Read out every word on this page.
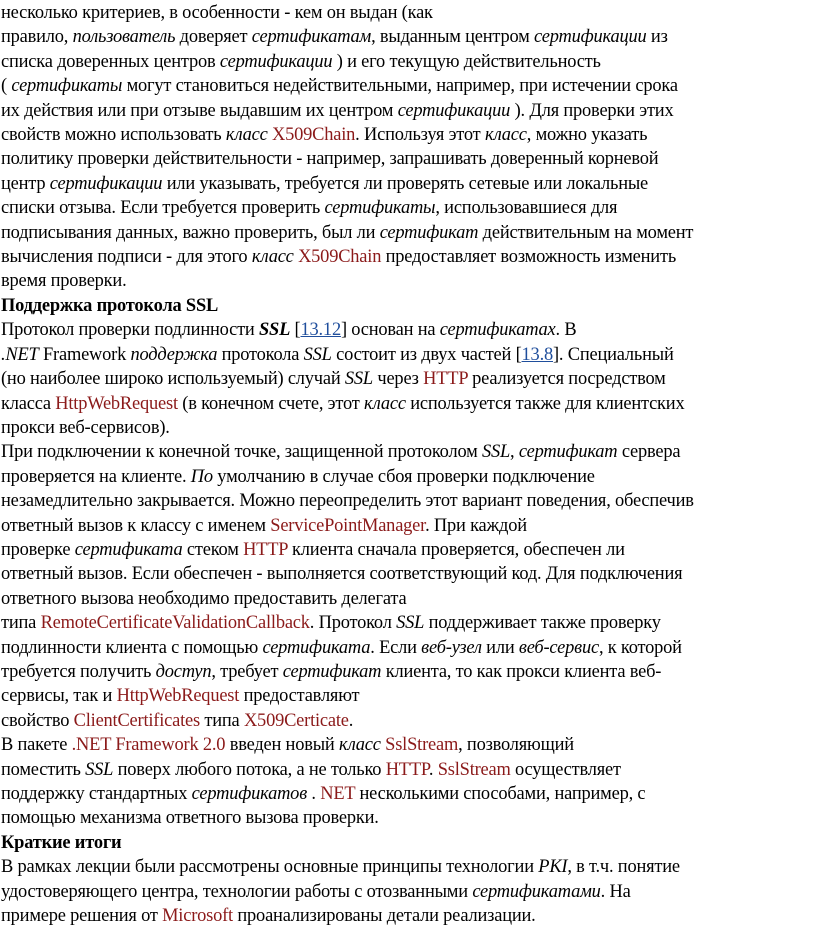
несколько критериев, в особенности - кем он выдан (как
правило, пользователь доверяет сертификатам, выданным центром сертификации из
списка доверенных центров сертификации ) и его текущую действительность
( сертификаты могут становиться недействительными, например, при истечении срока
их действия или при отзыве выдавшим их центром сертификации ). Для проверки этих
свойств можно использовать класс X509Chain. Используя этот класс, можно указать
политику проверки действительности - например, запрашивать доверенный корневой
центр сертификации или указывать, требуется ли проверять сетевые или локальные
списки отзыва. Если требуется проверить сертификаты, использовавшиеся для
подписывания данных, важно проверить, был ли сертификат действительным на момент
вычисления подписи - для этого класс X509Chain предоставляет возможность изменить
время проверки.

Поддержка протокола SSL

Протокол проверки подлинности SSL [13.12] основан на сертификатах. В
.NET Framework поддержка протокола SSL состоит из двух частей [13.8]. Специальный
(но наиболее широко используемый) случай SSL через HTTP реализуется посредством
класса HttpWebRequest (в конечном счете, этот класс используется также для клиентских
прокси веб-сервисов).

При подключении к конечной точке, защищенной протоколом SSL, сертификат сервера
проверяется на клиенте. По умолчанию в случае сбоя проверки подключение
незамедлительно закрывается. Можно переопределить этот вариант поведения, обеспечив
ответный вызов к классу с именем ServicePointManager. При каждой
проверке сертификата стеком HTTP клиента сначала проверяется, обеспечен ли
ответный вызов. Если обеспечен - выполняется соответствующий код. Для подключения
ответного вызова необходимо предоставить делегата
типа RemoteCertificateValidationCallback. Протокол SSL поддерживает также проверку
подлинности клиента с помощью сертификата. Если веб-узел или веб-сервис, к которой
требуется получить доступ, требует сертификат клиента, то как прокси клиента веб-
сервисы, так и HttpWebRequest предоставляют
свойство ClientCertificates типа X509Certicate.

В пакете .NET Framework 2.0 введен новый класс SslStream, позволяющий
поместить SSL поверх любого потока, а не только HTTP. SslStream осуществляет
поддержку стандартных сертификатов . NET несколькими способами, например, с
помощью механизма ответного вызова проверки.

Краткие итоги

В рамках лекции были рассмотрены основные принципы технологии PKI, в т.ч. понятие
удостоверяющего центра, технологии работы с отозванными сертификатами. На
примере решения от Microsoft проанализированы детали реализации.
